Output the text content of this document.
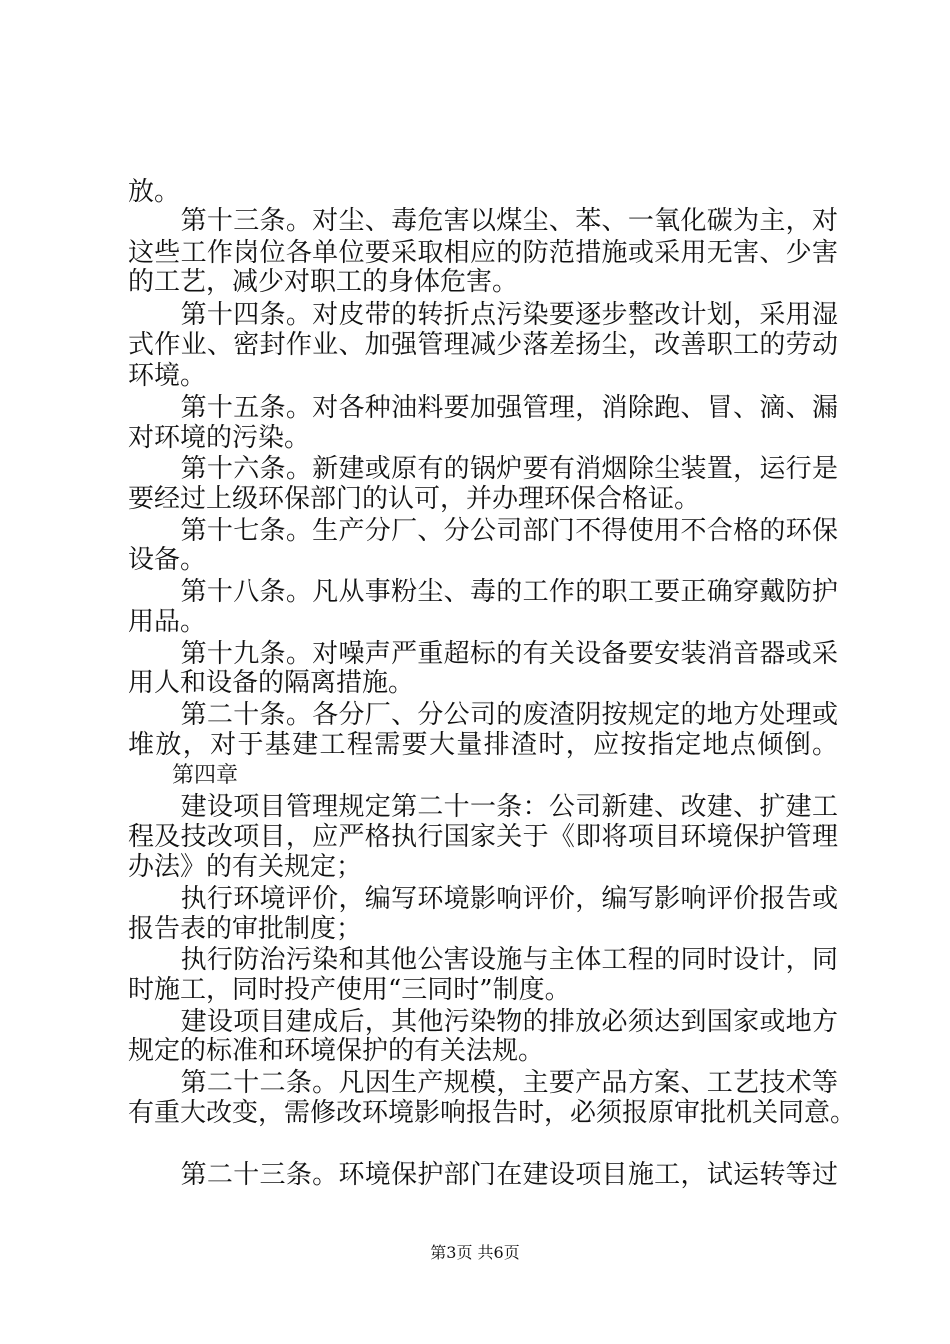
放。
　　第十三条。对尘、毒危害以煤尘、苯、一氧化碳为主，对
这些工作岗位各单位要采取相应的防范措施或采用无害、少害
的工艺，减少对职工的身体危害。
　　第十四条。对皮带的转折点污染要逐步整改计划，采用湿
式作业、密封作业、加强管理减少落差扬尘，改善职工的劳动
环境。
　　第十五条。对各种油料要加强管理，消除跑、冒、滴、漏
对环境的污染。
　　第十六条。新建或原有的锅炉要有消烟除尘装置，运行是
要经过上级环保部门的认可，并办理环保合格证。
　　第十七条。生产分厂、分公司部门不得使用不合格的环保
设备。
　　第十八条。凡从事粉尘、毒的工作的职工要正确穿戴防护
用品。
　　第十九条。对噪声严重超标的有关设备要安装消音器或采
用人和设备的隔离措施。
　　第二十条。各分厂、分公司的废渣阴按规定的地方处理或
堆放，对于基建工程需要大量排渣时，应按指定地点倾倒。
　　第四章
　　建设项目管理规定第二十一条：公司新建、改建、扩建工
程及技改项目，应严格执行国家关于《即将项目环境保护管理
办法》的有关规定；
　　执行环境评价，编写环境影响评价，编写影响评价报告或
报告表的审批制度；
　　执行防治污染和其他公害设施与主体工程的同时设计，同
时施工，同时投产使用“三同时”制度。
　　建设项目建成后，其他污染物的排放必须达到国家或地方
规定的标准和环境保护的有关法规。
　　第二十二条。凡因生产规模，主要产品方案、工艺技术等
有重大改变，需修改环境影响报告时，必须报原审批机关同意。
　　第二十三条。环境保护部门在建设项目施工，试运转等过
第3页 共6页
